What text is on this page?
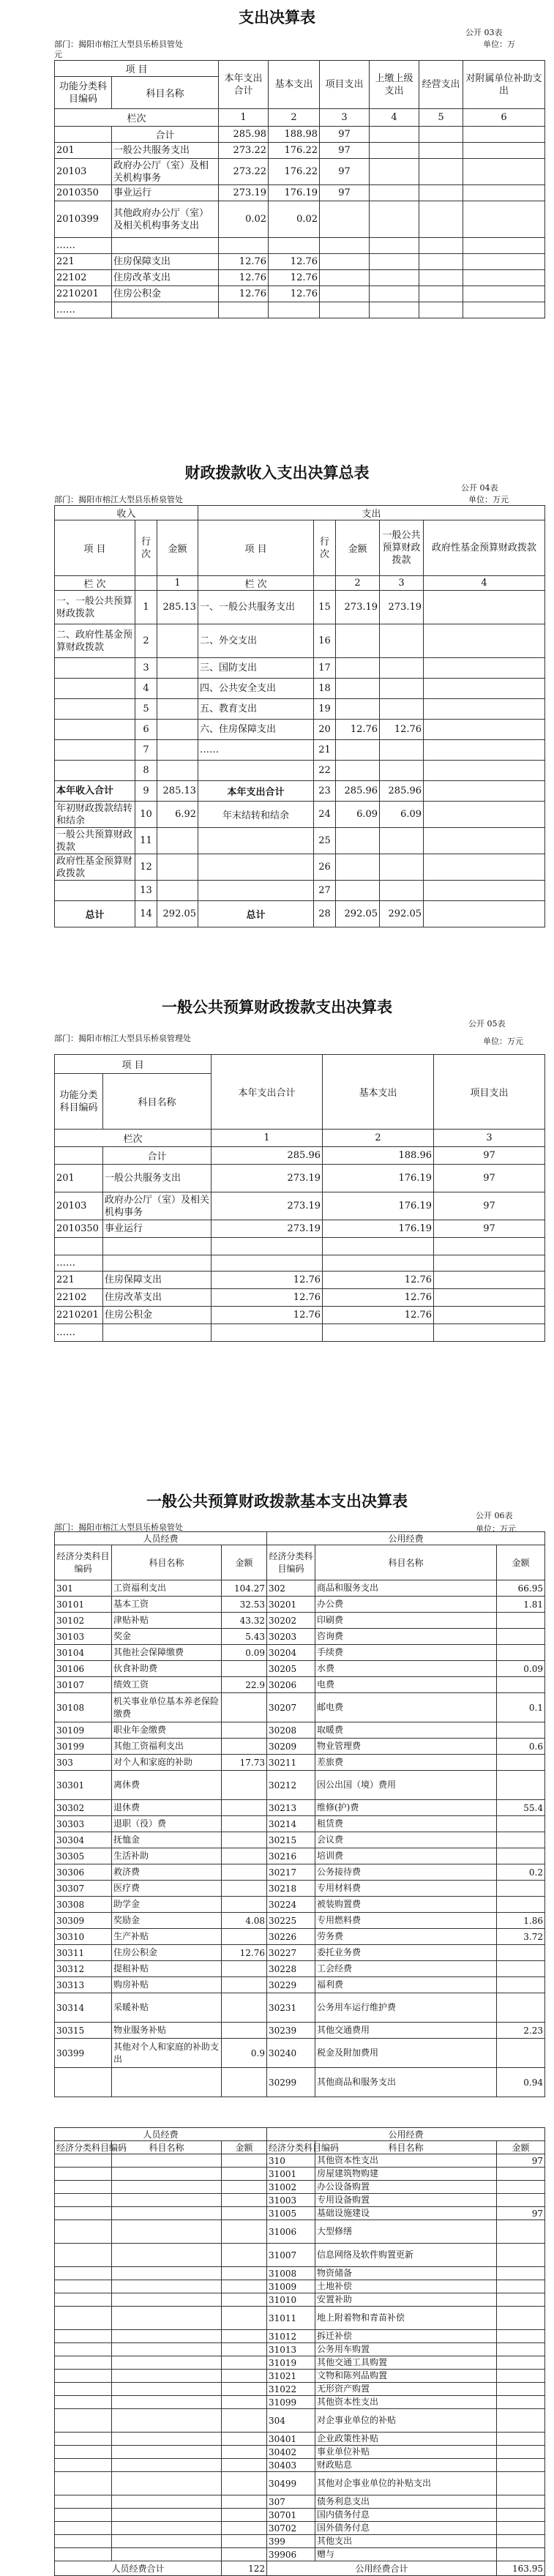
支出决算表
公开 03表
部门：揭阳市榕江大型县乐桥县管处	单位：万
元
项 目		本年支出合计	基本支出	项目支出	上缴上级支出	经营支出	对附属单位补助支出
功能分类科目编码	科目名称						
栏次		1	2	3	4	5	6
	合计	285.98	188.98	97			
201	一般公共服务支出	273.22	176.22	97			
20103	政府办公厅（室）及相关机构事务	273.22	176.22	97			
2010350	事业运行	273.19	176.19	97			
2010399	其他政府办公厅（室）及相关机构事务支出	0.02	0.02				
……							
221	住房保障支出	12.76	12.76				
22102	住房改革支出	12.76	12.76				
2210201	住房公积金	12.76	12.76				
……							
财政拨款收入支出决算总表
公开 04表
部门：揭阳市榕江大型县乐桥泉管处	单位：万元
收入			支出				
项 目	行次	金额	项 目	行次	金额	一般公共预算财政拨款	政府性基金预算财政拨款
栏 次		1	栏 次		2	3	4
一、一般公共预算财政拨款	1	285.13	一、一般公共服务支出	15	273.19	273.19	
二、政府性基金预算财政拨款	2		二、外交支出	16			
	3		三、国防支出	17			
	4		四、公共安全支出	18			
	5		五、教育支出	19			
	6		六、住房保障支出	20	12.76	12.76	
	7		……	21			
	8			22			
本年收入合计	9	285.13	本年支出合计	23	285.96	285.96	
年初财政拨款结转和结余	10	6.92	年末结转和结余	24	6.09	6.09	
一般公共预算财政拨款	11			25			
政府性基金预算财政拨款	12			26			
	13			27			
总计	14	292.05	总计	28	292.05	292.05	
一般公共预算财政拨款支出决算表
公开 05表
部门：揭阳市榕江大型县乐桥泉管理处	单位：万元
项 目		本年支出合计	基本支出	项目支出
功能分类科目编码	科目名称			
栏次		1	2	3
	合计	285.96	188.96	97
201	一般公共服务支出	273.19	176.19	97
20103	政府办公厅（室）及相关机构事务	273.19	176.19	97
2010350	事业运行	273.19	176.19	97

……				
221	住房保障支出	12.76	12.76	
22102	住房改革支出	12.76	12.76	
2210201	住房公积金	12.76	12.76	
……				
一般公共预算财政拨款基本支出决算表
公开 06表
部门：揭阳市榕江大型县乐桥泉管处	单位：万元
人员经费			公用经费		
经济分类科目编码	科目名称	金额	经济分类科目编码	科目名称	金额
301	工资福利支出	104.27	302	商品和服务支出	66.95
30101	基本工资	32.53	30201	办公费	1.81
30102	津贴补贴	43.32	30202	印刷费	
30103	奖金	5.43	30203	咨询费	
30104	其他社会保障缴费	0.09	30204	手续费	
30106	伙食补助费		30205	水费	0.09
30107	绩效工资	22.9	30206	电费	
30108	机关事业单位基本养老保险缴费		30207	邮电费	0.1
30109	职业年金缴费		30208	取暖费	
30199	其他工资福利支出		30209	物业管理费	0.6
303	对个人和家庭的补助	17.73	30211	差旅费	
30301	离休费		30212	因公出国（境）费用	
30302	退休费		30213	维修(护)费	55.4
30303	退职（役）费		30214	租赁费	
30304	抚恤金		30215	会议费	
30305	生活补助		30216	培训费	
30306	救济费		30217	公务接待费	0.2
30307	医疗费		30218	专用材料费	
30308	助学金		30224	被装购置费	
30309	奖励金	4.08	30225	专用燃料费	1.86
30310	生产补贴		30226	劳务费	3.72
30311	住房公积金	12.76	30227	委托业务费	
30312	提租补贴		30228	工会经费	
30313	购房补贴		30229	福利费	
30314	采暖补贴		30231	公务用车运行维护费	
30315	物业服务补贴		30239	其他交通费用	2.23
30399	其他对个人和家庭的补助支出	0.9	30240	税金及附加费用	
			30299	其他商品和服务支出	0.94
人员经费			公用经费		
经济分类科目编码	科目名称	金额	经济分类科目编码	科目名称	金额
			310	其他资本性支出	97
			31001	房屋建筑物购建	
			31002	办公设备购置	
			31003	专用设备购置	
			31005	基础设施建设	97
			31006	大型修缮	
			31007	信息网络及软件购置更新	
			31008	物资储备	
			31009	土地补偿	
			31010	安置补助	
			31011	地上附着物和青苗补偿	
			31012	拆迁补偿	
			31013	公务用车购置	
			31019	其他交通工具购置	
			31021	文物和陈列品购置	
			31022	无形资产购置	
			31099	其他资本性支出	
			304	对企事业单位的补贴	
			30401	企业政策性补贴	
			30402	事业单位补贴	
			30403	财政贴息	
			30499	其他对企事业单位的补贴支出	
			307	债务利息支出	
			30701	国内债务付息	
			30702	国外债务付息	
			399	其他支出	
			39906	赠与	
人员经费合计		122	公用经费合计		163.95
